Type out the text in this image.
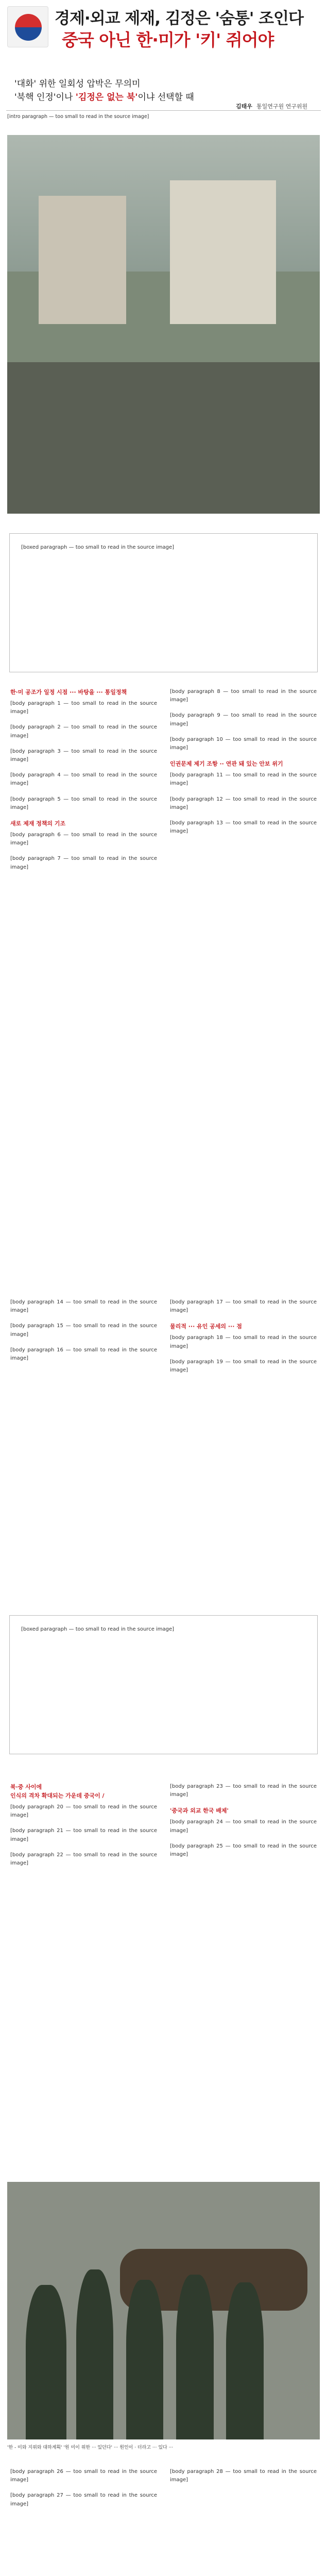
경제·외교 제재, 김정은 '숨통' 조인다
중국 아닌 한·미가 '키' 쥐어야
'대화' 위한 일회성 압박은 무의미
'북핵 인정'이나 '김정은 없는 북'이냐 선택할 때
김태우 통일연구원 연구위원
[intro paragraph — too small to read in the source image]
[boxed paragraph — too small to read in the source image]
한·미 공조가 일정 시점 ··· 바탕을 ··· 통일정책

[body paragraph 1 — too small to read in the source image]

[body paragraph 2 — too small to read in the source image]

[body paragraph 3 — too small to read in the source image]

[body paragraph 4 — too small to read in the source image]

[body paragraph 5 — too small to read in the source image]

새로 제재 정책의 기조

[body paragraph 6 — too small to read in the source image]

[body paragraph 7 — too small to read in the source image]

[body paragraph 8 — too small to read in the source image]

[body paragraph 9 — too small to read in the source image]

[body paragraph 10 — too small to read in the source image]

인권문제 제기 조항 ·· 연관 돼 있는 안보 위기

[body paragraph 11 — too small to read in the source image]

[body paragraph 12 — too small to read in the source image]

[body paragraph 13 — too small to read in the source image]

[body paragraph 14 — too small to read in the source image]

[body paragraph 15 — too small to read in the source image]

[body paragraph 16 — too small to read in the source image]

[body paragraph 17 — too small to read in the source image]

물리적 ··· 유인 공세의 ··· 점

[body paragraph 18 — too small to read in the source image]

[body paragraph 19 — too small to read in the source image]

[boxed paragraph — too small to read in the source image]
북·중 사이에
인식의 격차 확대되는 가운데 중국이 /

[body paragraph 20 — too small to read in the source image]

[body paragraph 21 — too small to read in the source image]

[body paragraph 22 — too small to read in the source image]

[body paragraph 23 — too small to read in the source image]

'중국과 외교 한국 배제'

[body paragraph 24 — too small to read in the source image]

[body paragraph 25 — too small to read in the source image]

'한 - 미와 지위와 대하계획' '원 미이 위한 ··· 있던다' ··· 원인이 · 더라고 ··· 있다 ···

[body paragraph 26 — too small to read in the source image]

[body paragraph 27 — too small to read in the source image]

[body paragraph 28 — too small to read in the source image]
